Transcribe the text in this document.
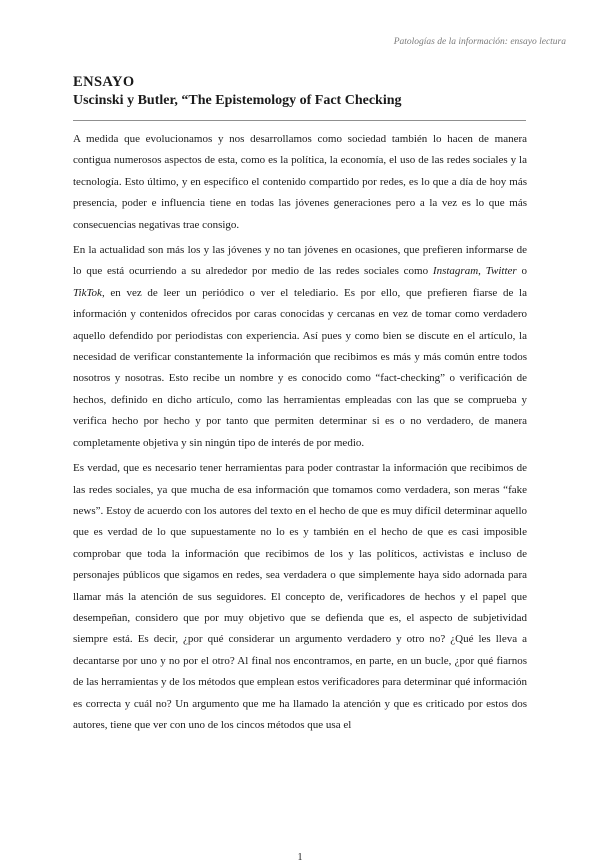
Patologías de la información: ensayo lectura
ENSAYO
Uscinski y Butler, “The Epistemology of Fact Checking

A medida que evolucionamos y nos desarrollamos como sociedad también lo hacen de manera contigua numerosos aspectos de esta, como es la política, la economía, el uso de las redes sociales y la tecnología. Esto último, y en específico el contenido compartido por redes, es lo que a día de hoy más presencia, poder e influencia tiene en todas las jóvenes generaciones pero a la vez es lo que más consecuencias negativas trae consigo.

En la actualidad son más los y las jóvenes y no tan jóvenes en ocasiones, que prefieren informarse de lo que está ocurriendo a su alrededor por medio de las redes sociales como Instagram, Twitter o TikTok, en vez de leer un periódico o ver el telediario. Es por ello, que prefieren fiarse de la información y contenidos ofrecidos por caras conocidas y cercanas en vez de tomar como verdadero aquello defendido por periodistas con experiencia. Así pues y como bien se discute en el artículo, la necesidad de verificar constantemente la información que recibimos es más y más común entre todos nosotros y nosotras. Esto recibe un nombre y es conocido como “fact-checking” o verificación de hechos, definido en dicho artículo, como las herramientas empleadas con las que se comprueba y verifica hecho por hecho y por tanto que permiten determinar si es o no verdadero, de manera completamente objetiva y sin ningún tipo de interés de por medio.

Es verdad, que es necesario tener herramientas para poder contrastar la información que recibimos de las redes sociales, ya que mucha de esa información que tomamos como verdadera, son meras “fake news”. Estoy de acuerdo con los autores del texto en el hecho de que es muy difícil determinar aquello que es verdad de lo que supuestamente no lo es y también en el hecho de que es casi imposible comprobar que toda la información que recibimos de los y las políticos, activistas e incluso de personajes públicos que sigamos en redes, sea verdadera o que simplemente haya sido adornada para llamar más la atención de sus seguidores. El concepto de, verificadores de hechos y el papel que desempeñan, considero que por muy objetivo que se defienda que es, el aspecto de subjetividad siempre está. Es decir, ¿por qué considerar un argumento verdadero y otro no? ¿Qué les lleva a decantarse por uno y no por el otro? Al final nos encontramos, en parte, en un bucle, ¿por qué fiarnos de las herramientas y de los métodos que emplean estos verificadores para determinar qué información es correcta y cuál no? Un argumento que me ha llamado la atención y que es criticado por estos dos autores, tiene que ver con uno de los cincos métodos que usa el

1
